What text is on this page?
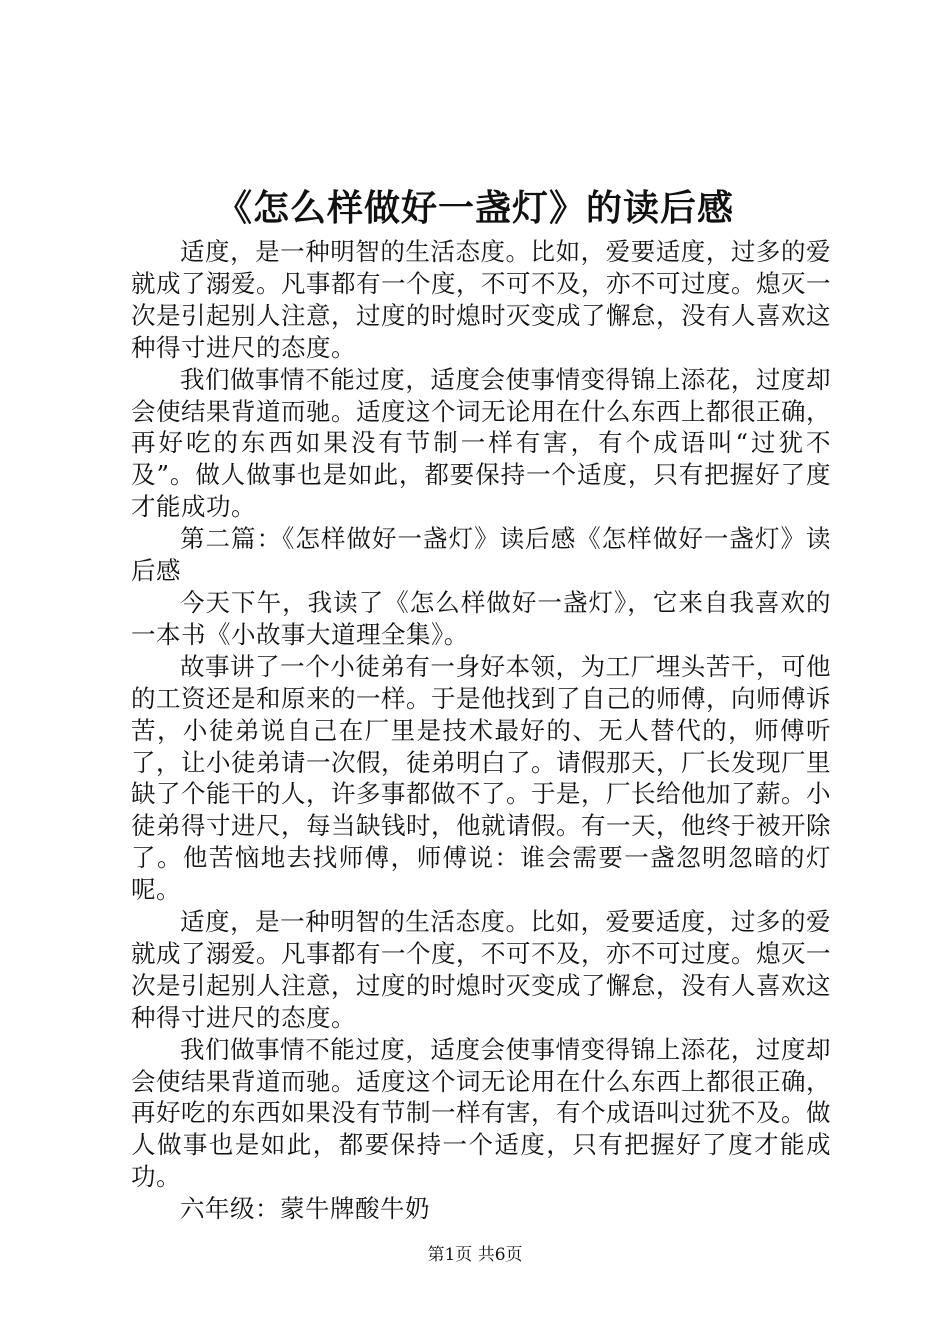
《怎么样做好一盏灯》的读后感

适度，是一种明智的生活态度。比如，爱要适度，过多的爱就成了溺爱。凡事都有一个度，不可不及，亦不可过度。熄灭一次是引起别人注意，过度的时熄时灭变成了懈怠，没有人喜欢这种得寸进尺的态度。

我们做事情不能过度，适度会使事情变得锦上添花，过度却会使结果背道而驰。适度这个词无论用在什么东西上都很正确，再好吃的东西如果没有节制一样有害，有个成语叫“过犹不及”。做人做事也是如此，都要保持一个适度，只有把握好了度才能成功。

第二篇：《怎样做好一盏灯》读后感《怎样做好一盏灯》读后感

今天下午，我读了《怎么样做好一盏灯》，它来自我喜欢的一本书《小故事大道理全集》。

故事讲了一个小徒弟有一身好本领，为工厂埋头苦干，可他的工资还是和原来的一样。于是他找到了自己的师傅，向师傅诉苦，小徒弟说自己在厂里是技术最好的、无人替代的，师傅听了，让小徒弟请一次假，徒弟明白了。请假那天，厂长发现厂里缺了个能干的人，许多事都做不了。于是，厂长给他加了薪。小徒弟得寸进尺，每当缺钱时，他就请假。有一天，他终于被开除了。他苦恼地去找师傅，师傅说：谁会需要一盏忽明忽暗的灯呢。

适度，是一种明智的生活态度。比如，爱要适度，过多的爱就成了溺爱。凡事都有一个度，不可不及，亦不可过度。熄灭一次是引起别人注意，过度的时熄时灭变成了懈怠，没有人喜欢这种得寸进尺的态度。

我们做事情不能过度，适度会使事情变得锦上添花，过度却会使结果背道而驰。适度这个词无论用在什么东西上都很正确，再好吃的东西如果没有节制一样有害，有个成语叫过犹不及。做人做事也是如此，都要保持一个适度，只有把握好了度才能成功。

六年级：蒙牛牌酸牛奶

第1页 共6页
